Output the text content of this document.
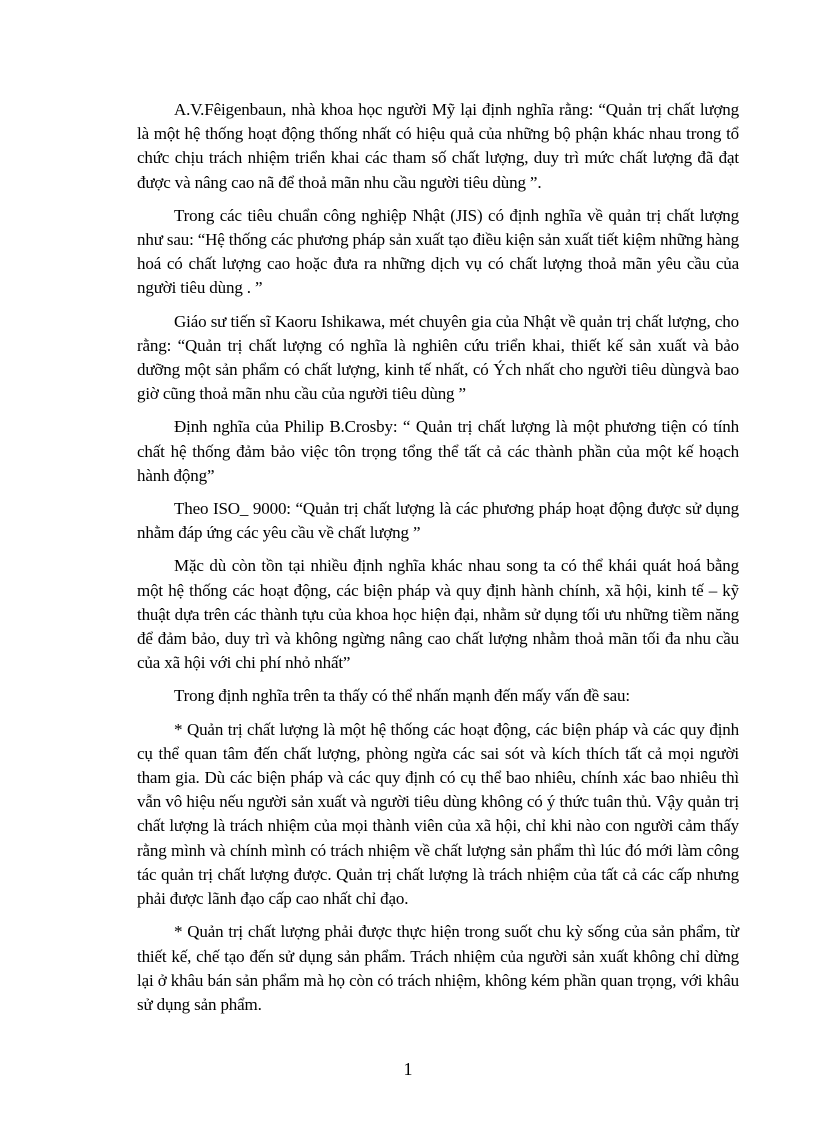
A.V.Fêigenbaun, nhà khoa học người Mỹ lại định nghĩa rằng: “Quản trị chất lượng là một hệ thống hoạt động thống nhất có hiệu quả của những bộ phận khác nhau trong tổ chức chịu trách nhiệm triển khai các tham số chất lượng, duy trì mức chất lượng đã đạt được và nâng cao nã để thoả mãn nhu cầu người tiêu dùng ”.

Trong các tiêu chuẩn công nghiệp Nhật (JIS) có định nghĩa về quản trị chất lượng như sau: “Hệ thống các phương pháp sản xuất tạo điều kiện sản xuất tiết kiệm những hàng hoá có chất lượng cao hoặc đưa ra những dịch vụ có chất lượng thoả mãn yêu cầu của người tiêu dùng . ”

Giáo sư tiến sĩ Kaoru Ishikawa, mét chuyên gia của Nhật về quản trị chất lượng, cho rằng: “Quản trị chất lượng có nghĩa là nghiên cứu triển khai, thiết kế sản xuất và bảo dưỡng một sản phẩm có chất lượng, kinh tế nhất, có Ých nhất cho người tiêu dùngvà bao giờ cũng thoả mãn nhu cầu của người tiêu dùng ”

Định nghĩa của Philip B.Crosby: “ Quản trị chất lượng là một phương tiện có tính chất hệ thống đảm bảo việc tôn trọng tổng thể tất cả các thành phần của một kế hoạch hành động”

Theo ISO_ 9000: “Quản trị chất lượng là các phương pháp hoạt động được sử dụng nhằm đáp ứng các yêu cầu về chất lượng ”

Mặc dù còn tồn tại nhiều định nghĩa khác nhau song ta có thể khái quát hoá bằng một hệ thống các hoạt động, các biện pháp và quy định hành chính, xã hội, kinh tế – kỹ thuật dựa trên các thành tựu của khoa học hiện đại, nhằm sử dụng tối ưu những tiềm năng để đảm bảo, duy trì và không ngừng nâng cao chất lượng nhằm thoả mãn tối đa nhu cầu của xã hội với chi phí nhỏ nhất”

Trong định nghĩa trên ta thấy có thể nhấn mạnh đến mấy vấn đề sau:

* Quản trị chất lượng là một hệ thống các hoạt động, các biện pháp và các quy định cụ thể quan tâm đến chất lượng, phòng ngừa các sai sót và kích thích tất cả mọi người tham gia. Dù các biện pháp và các quy định có cụ thể bao nhiêu, chính xác bao nhiêu thì vẫn vô hiệu nếu người sản xuất và người tiêu dùng không có ý thức tuân thủ. Vậy quản trị chất lượng là trách nhiệm của mọi thành viên của xã hội, chỉ khi nào con người cảm thấy rằng mình và chính mình có trách nhiệm về chất lượng sản phẩm thì lúc đó mới làm công tác quản trị chất lượng được. Quản trị chất lượng là trách nhiệm của tất cả các cấp nhưng phải được lãnh đạo cấp cao nhất chỉ đạo.

* Quản trị chất lượng phải được thực hiện trong suốt chu kỳ sống của sản phẩm, từ thiết kế, chế tạo đến sử dụng sản phẩm. Trách nhiệm của người sản xuất không chỉ dừng lại ở khâu bán sản phẩm mà họ còn có trách nhiệm, không kém phần quan trọng, với khâu sử dụng sản phẩm.

1
